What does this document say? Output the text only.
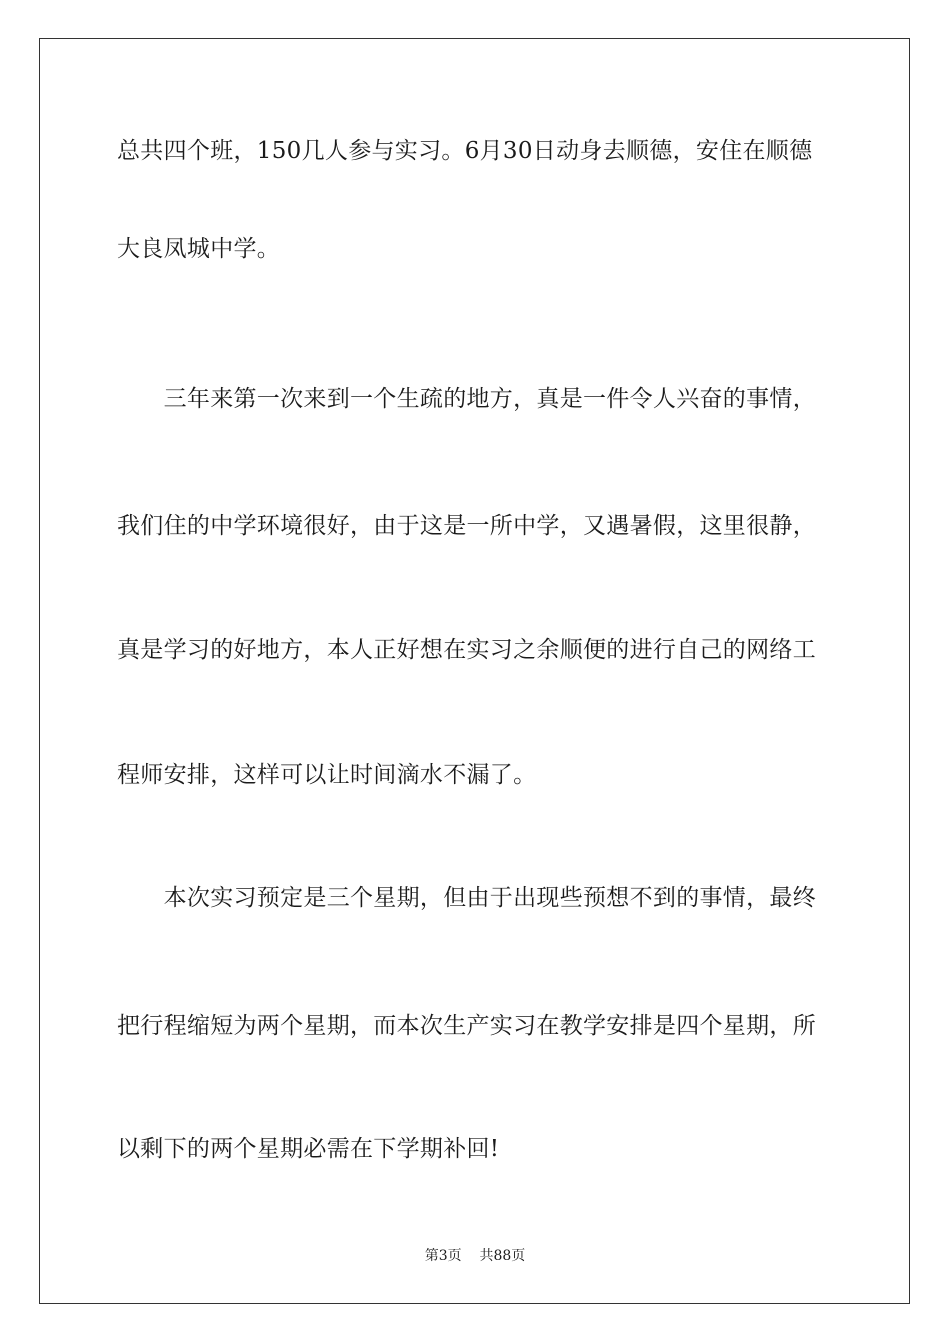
总共四个班，150几人参与实习。6月30日动身去顺德，安住在顺德
大良凤城中学。
　　三年来第一次来到一个生疏的地方，真是一件令人兴奋的事情，
我们住的中学环境很好，由于这是一所中学，又遇暑假，这里很静，
真是学习的好地方，本人正好想在实习之余顺便的进行自己的网络工
程师安排，这样可以让时间滴水不漏了。
　　本次实习预定是三个星期，但由于出现些预想不到的事情，最终
把行程缩短为两个星期，而本次生产实习在教学安排是四个星期，所
以剩下的两个星期必需在下学期补回!
第3页 共88页
